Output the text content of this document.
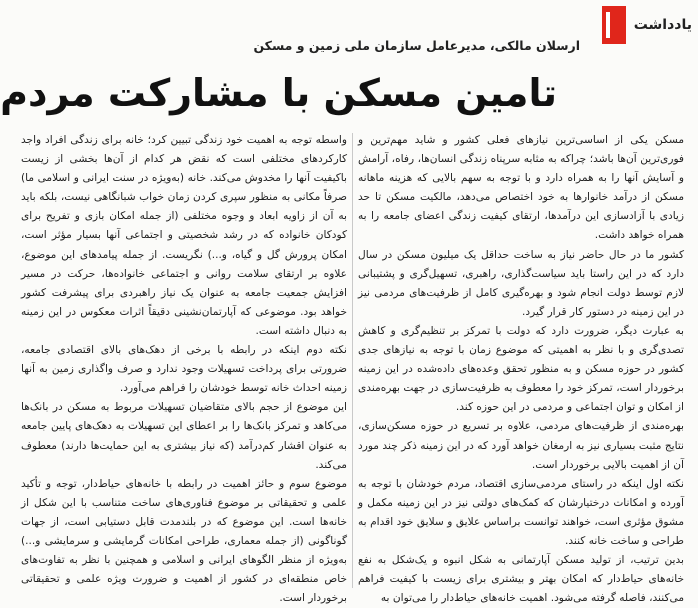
یادداشت
ارسلان مالکی، مدیرعامل سازمان ملی زمین و مسکن
تامین مسکن با مشارکت مردم

مسکن یکی از اساسی‌ترین نیازهای فعلی کشور و شاید مهم‌ترین و فوری‌ترین آن‌ها باشد؛ چراکه به مثابه سرپناه زندگی انسان‌ها، رفاه، آرامش و آسایش آنها را به همراه دارد و با توجه به سهم بالایی که هزینه ماهانه مسکن از درآمد خانوارها به خود اختصاص می‌دهد، مالکیت مسکن تا حد زیادی با آزادسازی این درآمدها، ارتقای کیفیت زندگی اعضای جامعه را به همراه خواهد داشت.

کشور ما در حال حاضر نیاز به ساخت حداقل یک میلیون مسکن در سال دارد که در این راستا باید سیاست‌گذاری، راهبری، تسهیل‌گری و پشتیبانی لازم توسط دولت انجام شود و بهره‌گیری کامل از ظرفیت‌های مردمی نیز در این زمینه در دستور کار قرار گیرد.

به عبارت دیگر، ضرورت دارد که دولت با تمرکز بر تنظیم‌گری و کاهش تصدی‌گری و با نظر به اهمیتی که موضوع زمان با توجه به نیازهای جدی کشور در حوزه مسکن و به منظور تحقق وعده‌های داده‌شده در این زمینه برخوردار است، تمرکز خود را معطوف به ظرفیت‌سازی در جهت بهره‌مندی از امکان و توان اجتماعی و مردمی در این حوزه کند.

بهره‌مندی از ظرفیت‌های مردمی، علاوه بر تسریع در حوزه مسکن‌سازی، نتایج مثبت بسیاری نیز به ارمغان خواهد آورد که در این زمینه ذکر چند مورد آن از اهمیت بالایی برخوردار است.

نکته اول اینکه در راستای مردمی‌سازی اقتصاد، مردم خودشان با توجه به آورده و امکانات درختیارشان که کمک‌های دولتی نیز در این زمینه مکمل و مشوق مؤثری است، خواهند توانست براساس علایق و سلایق خود اقدام به طراحی و ساخت خانه کنند.

بدین ترتیب، از تولید مسکن آپارتمانی به شکل انبوه و یک‌شکل به نفع خانه‌های حیاط‌دار که امکان بهتر و بیشتری برای زیست با کیفیت فراهم می‌کنند، فاصله گرفته می‌شود. اهمیت خانه‌های حیاط‌دار را می‌توان به

واسطه توجه به اهمیت خود زندگی تبیین کرد؛ خانه برای زندگی افراد واجد کارکردهای مختلفی است که نقض هر کدام از آن‌ها بخشی از زیست باکیفیت آنها را مخدوش می‌کند. خانه (به‌ویژه در سنت ایرانی و اسلامی ما) صرفاً مکانی به منظور سپری کردن زمان خواب شبانگاهی نیست، بلکه باید به آن از زاویه ابعاد و وجوه مختلفی (از جمله امکان بازی و تفریح برای کودکان خانواده که در رشد شخصیتی و اجتماعی آنها بسیار مؤثر است، امکان پرورش گل و گیاه، و...) نگریست. از جمله پیامدهای این موضوع، علاوه بر ارتقای سلامت روانی و اجتماعی خانواده‌ها، حرکت در مسیر افزایش جمعیت جامعه به عنوان یک نیاز راهبردی برای پیشرفت کشور خواهد بود. موضوعی که آپارتمان‌نشینی دقیقاً اثرات معکوس در این زمینه به دنبال داشته است.

نکته دوم اینکه در رابطه با برخی از دهک‌های بالای اقتصادی جامعه، ضرورتی برای پرداخت تسهیلات وجود ندارد و صرف واگذاری زمین به آنها زمینه احداث خانه توسط خودشان را فراهم می‌آورد.

این موضوع از حجم بالای متقاضیان تسهیلات مربوط به مسکن در بانک‌ها می‌کاهد و تمرکز بانک‌ها را بر اعطای این تسهیلات به دهک‌های پایین جامعه به عنوان اقشار کم‌درآمد (که نیاز بیشتری به این حمایت‌ها دارند) معطوف می‌کند.

موضوع سوم و حائز اهمیت در رابطه با خانه‌های حیاط‌دار، توجه و تأکید علمی و تحقیقاتی بر موضوع فناوری‌های ساخت متناسب با این شکل از خانه‌ها است. این موضوع که در بلندمدت قابل دستیابی است، از جهات گوناگونی (از جمله معماری، طراحی امکانات گرمایشی و سرمایشی و...) به‌ویژه از منظر الگوهای ایرانی و اسلامی و همچنین با نظر به تفاوت‌های خاص منطقه‌ای در کشور از اهمیت و ضرورت ویژه علمی و تحقیقاتی برخوردار است.
